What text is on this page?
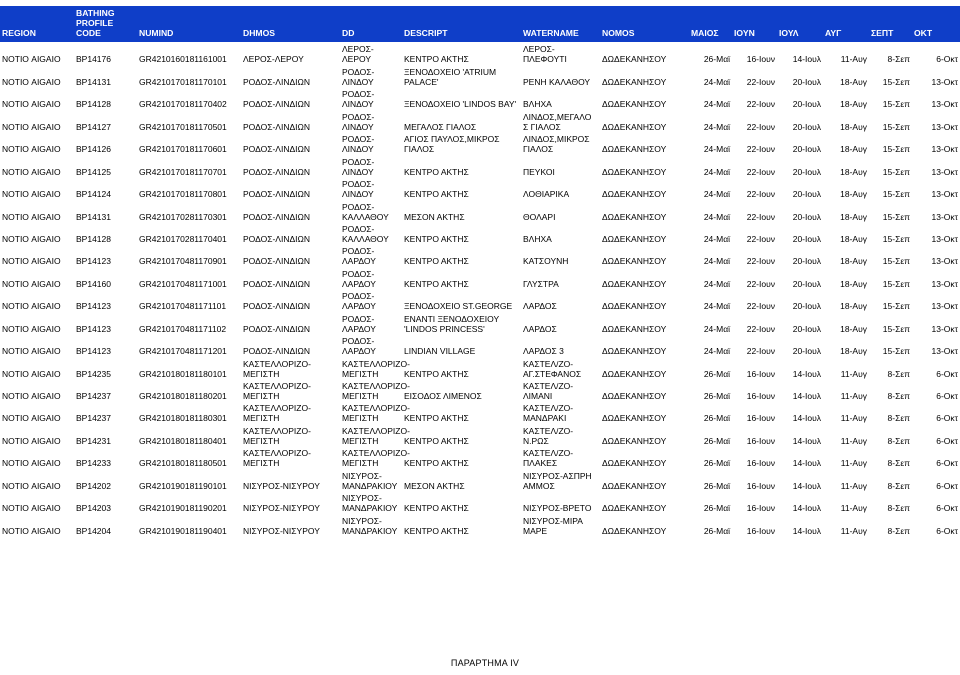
REGION	BATHING PROFILE CODE	NUMIND	DHMOS	DD	DESCRIPT	WATERNAME	NOMOS	ΜΑΙΟΣ	ΙΟΥΝ	ΙΟΥΛ	ΑΥΓ	ΣΕΠΤ	ΟΚΤ
ΝΟΤΙΟ AIGAIO	BP14176	GR4210160181161001	ΛΕΡΟΣ-ΛΕΡΟΥ	ΛΕΡΟΣ-ΛΕΡΟΥ	ΚΕΝΤΡΟ ΑΚΤΗΣ	ΛΕΡΟΣ-ΠΛΕΦΟΥΤΙ	ΔΩΔΕΚΑΝΗΣΟΥ	26-Μαϊ	16-Ιουν	14-Ιουλ	11-Αυγ	8-Σεπ	6-Οκτ
ΝΟΤΙΟ AIGAIO	BP14131	GR4210170181170101	ΡΟΔΟΣ-ΛΙΝΔΙΩΝ	ΡΟΔΟΣ-ΛΙΝΔΟΥ	ΞΕΝΟΔΟΧΕΙΟ 'ATRIUM PALACE'	ΡΕΝΗ ΚΑΛΑΘΟΥ	ΔΩΔΕΚΑΝΗΣΟΥ	24-Μαϊ	22-Ιουν	20-Ιουλ	18-Αυγ	15-Σεπ	13-Οκτ
ΝΟΤΙΟ AIGAIO	BP14128	GR4210170181170402	ΡΟΔΟΣ-ΛΙΝΔΙΩΝ	ΡΟΔΟΣ-ΛΙΝΔΟΥ	ΞΕΝΟΔΟΧΕΙΟ 'LINDOS BAY'	ΒΛΗΧΑ	ΔΩΔΕΚΑΝΗΣΟΥ	24-Μαϊ	22-Ιουν	20-Ιουλ	18-Αυγ	15-Σεπ	13-Οκτ
ΝΟΤΙΟ AIGAIO	BP14127	GR4210170181170501	ΡΟΔΟΣ-ΛΙΝΔΙΩΝ	ΡΟΔΟΣ-ΛΙΝΔΟΥ	ΜΕΓΑΛΟΣ ΓΙΑΛΟΣ	ΛΙΝΔΟΣ,ΜΕΓΑΛΟ Σ ΓΙΑΛΟΣ	ΔΩΔΕΚΑΝΗΣΟΥ	24-Μαϊ	22-Ιουν	20-Ιουλ	18-Αυγ	15-Σεπ	13-Οκτ
ΝΟΤΙΟ AIGAIO	BP14126	GR4210170181170601	ΡΟΔΟΣ-ΛΙΝΔΙΩΝ	ΡΟΔΟΣ-ΛΙΝΔΟΥ	ΑΓΙΟΣ ΠΑΥΛΟΣ,ΜΙΚΡΟΣ ΓΙΑΛΟΣ	ΛΙΝΔΟΣ,ΜΙΚΡΟΣ ΓΙΑΛΟΣ	ΔΩΔΕΚΑΝΗΣΟΥ	24-Μαϊ	22-Ιουν	20-Ιουλ	18-Αυγ	15-Σεπ	13-Οκτ
ΝΟΤΙΟ AIGAIO	BP14125	GR4210170181170701	ΡΟΔΟΣ-ΛΙΝΔΙΩΝ	ΡΟΔΟΣ-ΛΙΝΔΟΥ	ΚΕΝΤΡΟ ΑΚΤΗΣ	ΠΕΥΚΟΙ	ΔΩΔΕΚΑΝΗΣΟΥ	24-Μαϊ	22-Ιουν	20-Ιουλ	18-Αυγ	15-Σεπ	13-Οκτ
ΝΟΤΙΟ AIGAIO	BP14124	GR4210170181170801	ΡΟΔΟΣ-ΛΙΝΔΙΩΝ	ΡΟΔΟΣ-ΛΙΝΔΟΥ	ΚΕΝΤΡΟ ΑΚΤΗΣ	ΛΟΘΙΑΡΙΚΑ	ΔΩΔΕΚΑΝΗΣΟΥ	24-Μαϊ	22-Ιουν	20-Ιουλ	18-Αυγ	15-Σεπ	13-Οκτ
ΝΟΤΙΟ AIGAIO	BP14131	GR4210170281170301	ΡΟΔΟΣ-ΛΙΝΔΙΩΝ	ΡΟΔΟΣ-ΚΑΛΛΑΘΟΥ	ΜΕΣΟΝ ΑΚΤΗΣ	ΘΟΛΑΡΙ	ΔΩΔΕΚΑΝΗΣΟΥ	24-Μαϊ	22-Ιουν	20-Ιουλ	18-Αυγ	15-Σεπ	13-Οκτ
ΝΟΤΙΟ AIGAIO	BP14128	GR4210170281170401	ΡΟΔΟΣ-ΛΙΝΔΙΩΝ	ΡΟΔΟΣ-ΚΑΛΛΑΘΟΥ	ΚΕΝΤΡΟ ΑΚΤΗΣ	ΒΛΗΧΑ	ΔΩΔΕΚΑΝΗΣΟΥ	24-Μαϊ	22-Ιουν	20-Ιουλ	18-Αυγ	15-Σεπ	13-Οκτ
ΝΟΤΙΟ AIGAIO	BP14123	GR4210170481170901	ΡΟΔΟΣ-ΛΙΝΔΙΩΝ	ΡΟΔΟΣ-ΛΑΡΔΟΥ	ΚΕΝΤΡΟ ΑΚΤΗΣ	ΚΑΤΣΟΥΝΗ	ΔΩΔΕΚΑΝΗΣΟΥ	24-Μαϊ	22-Ιουν	20-Ιουλ	18-Αυγ	15-Σεπ	13-Οκτ
ΝΟΤΙΟ AIGAIO	BP14160	GR4210170481171001	ΡΟΔΟΣ-ΛΙΝΔΙΩΝ	ΡΟΔΟΣ-ΛΑΡΔΟΥ	ΚΕΝΤΡΟ ΑΚΤΗΣ	ΓΛΥΣΤΡΑ	ΔΩΔΕΚΑΝΗΣΟΥ	24-Μαϊ	22-Ιουν	20-Ιουλ	18-Αυγ	15-Σεπ	13-Οκτ
ΝΟΤΙΟ AIGAIO	BP14123	GR4210170481171101	ΡΟΔΟΣ-ΛΙΝΔΙΩΝ	ΡΟΔΟΣ-ΛΑΡΔΟΥ	ΞΕΝΟΔΟΧΕΙΟ ST.GEORGE	ΛΑΡΔΟΣ	ΔΩΔΕΚΑΝΗΣΟΥ	24-Μαϊ	22-Ιουν	20-Ιουλ	18-Αυγ	15-Σεπ	13-Οκτ
ΝΟΤΙΟ AIGAIO	BP14123	GR4210170481171102	ΡΟΔΟΣ-ΛΙΝΔΙΩΝ	ΡΟΔΟΣ-ΛΑΡΔΟΥ	ΕΝΑΝΤΙ ΞΕΝΟΔΟΧΕΙΟΥ 'LINDOS PRINCESS'	ΛΑΡΔΟΣ	ΔΩΔΕΚΑΝΗΣΟΥ	24-Μαϊ	22-Ιουν	20-Ιουλ	18-Αυγ	15-Σεπ	13-Οκτ
ΝΟΤΙΟ AIGAIO	BP14123	GR4210170481171201	ΡΟΔΟΣ-ΛΙΝΔΙΩΝ	ΡΟΔΟΣ-ΛΑΡΔΟΥ	LINDIAN VILLAGE	ΛΑΡΔΟΣ 3	ΔΩΔΕΚΑΝΗΣΟΥ	24-Μαϊ	22-Ιουν	20-Ιουλ	18-Αυγ	15-Σεπ	13-Οκτ
ΝΟΤΙΟ AIGAIO	BP14235	GR4210180181180101	ΚΑΣΤΕΛΛΟΡΙΖΟ-ΜΕΓΙΣΤΗ	ΚΑΣΤΕΛΛΟΡΙΖΟ-ΜΕΓΙΣΤΗ	ΚΕΝΤΡΟ ΑΚΤΗΣ	ΚΑΣΤΕΛ/ΖΟ-ΑΓ.ΣΤΕΦΑΝΟΣ	ΔΩΔΕΚΑΝΗΣΟΥ	26-Μαϊ	16-Ιουν	14-Ιουλ	11-Αυγ	8-Σεπ	6-Οκτ
ΝΟΤΙΟ AIGAIO	BP14237	GR4210180181180201	ΚΑΣΤΕΛΛΟΡΙΖΟ-ΜΕΓΙΣΤΗ	ΚΑΣΤΕΛΛΟΡΙΖΟ-ΜΕΓΙΣΤΗ	ΕΙΣΟΔΟΣ ΛΙΜΕΝΟΣ	ΚΑΣΤΕΛ/ΖΟ-ΛΙΜΑΝΙ	ΔΩΔΕΚΑΝΗΣΟΥ	26-Μαϊ	16-Ιουν	14-Ιουλ	11-Αυγ	8-Σεπ	6-Οκτ
ΝΟΤΙΟ AIGAIO	BP14237	GR4210180181180301	ΚΑΣΤΕΛΛΟΡΙΖΟ-ΜΕΓΙΣΤΗ	ΚΑΣΤΕΛΛΟΡΙΖΟ-ΜΕΓΙΣΤΗ	ΚΕΝΤΡΟ ΑΚΤΗΣ	ΚΑΣΤΕΛ/ΖΟ-ΜΑΝΔΡΑΚΙ	ΔΩΔΕΚΑΝΗΣΟΥ	26-Μαϊ	16-Ιουν	14-Ιουλ	11-Αυγ	8-Σεπ	6-Οκτ
ΝΟΤΙΟ AIGAIO	BP14231	GR4210180181180401	ΚΑΣΤΕΛΛΟΡΙΖΟ-ΜΕΓΙΣΤΗ	ΚΑΣΤΕΛΛΟΡΙΖΟ-ΜΕΓΙΣΤΗ	ΚΕΝΤΡΟ ΑΚΤΗΣ	ΚΑΣΤΕΛ/ΖΟ-Ν.ΡΩΣ	ΔΩΔΕΚΑΝΗΣΟΥ	26-Μαϊ	16-Ιουν	14-Ιουλ	11-Αυγ	8-Σεπ	6-Οκτ
ΝΟΤΙΟ AIGAIO	BP14233	GR4210180181180501	ΚΑΣΤΕΛΛΟΡΙΖΟ-ΜΕΓΙΣΤΗ	ΚΑΣΤΕΛΛΟΡΙΖΟ-ΜΕΓΙΣΤΗ	ΚΕΝΤΡΟ ΑΚΤΗΣ	ΚΑΣΤΕΛ/ΖΟ-ΠΛΑΚΕΣ	ΔΩΔΕΚΑΝΗΣΟΥ	26-Μαϊ	16-Ιουν	14-Ιουλ	11-Αυγ	8-Σεπ	6-Οκτ
ΝΟΤΙΟ AIGAIO	BP14202	GR4210190181190101	ΝΙΣΥΡΟΣ-ΝΙΣΥΡΟΥ	ΝΙΣΥΡΟΣ-ΜΑΝΔΡΑΚΙΟΥ	ΜΕΣΟΝ ΑΚΤΗΣ	ΝΙΣΥΡΟΣ-ΑΣΠΡΗ ΑΜΜΟΣ	ΔΩΔΕΚΑΝΗΣΟΥ	26-Μαϊ	16-Ιουν	14-Ιουλ	11-Αυγ	8-Σεπ	6-Οκτ
ΝΟΤΙΟ AIGAIO	BP14203	GR4210190181190201	ΝΙΣΥΡΟΣ-ΝΙΣΥΡΟΥ	ΝΙΣΥΡΟΣ-ΜΑΝΔΡΑΚΙΟΥ	ΚΕΝΤΡΟ ΑΚΤΗΣ	ΝΙΣΥΡΟΣ-ΒΡΕΤΟ	ΔΩΔΕΚΑΝΗΣΟΥ	26-Μαϊ	16-Ιουν	14-Ιουλ	11-Αυγ	8-Σεπ	6-Οκτ
ΝΟΤΙΟ AIGAIO	BP14204	GR4210190181190401	ΝΙΣΥΡΟΣ-ΝΙΣΥΡΟΥ	ΝΙΣΥΡΟΣ-ΜΑΝΔΡΑΚΙΟΥ	ΚΕΝΤΡΟ ΑΚΤΗΣ	ΝΙΣΥΡΟΣ-ΜΙΡΑ ΜΑΡΕ	ΔΩΔΕΚΑΝΗΣΟΥ	26-Μαϊ	16-Ιουν	14-Ιουλ	11-Αυγ	8-Σεπ	6-Οκτ
ΠΑΡΑΡΤΗΜΑ IV
